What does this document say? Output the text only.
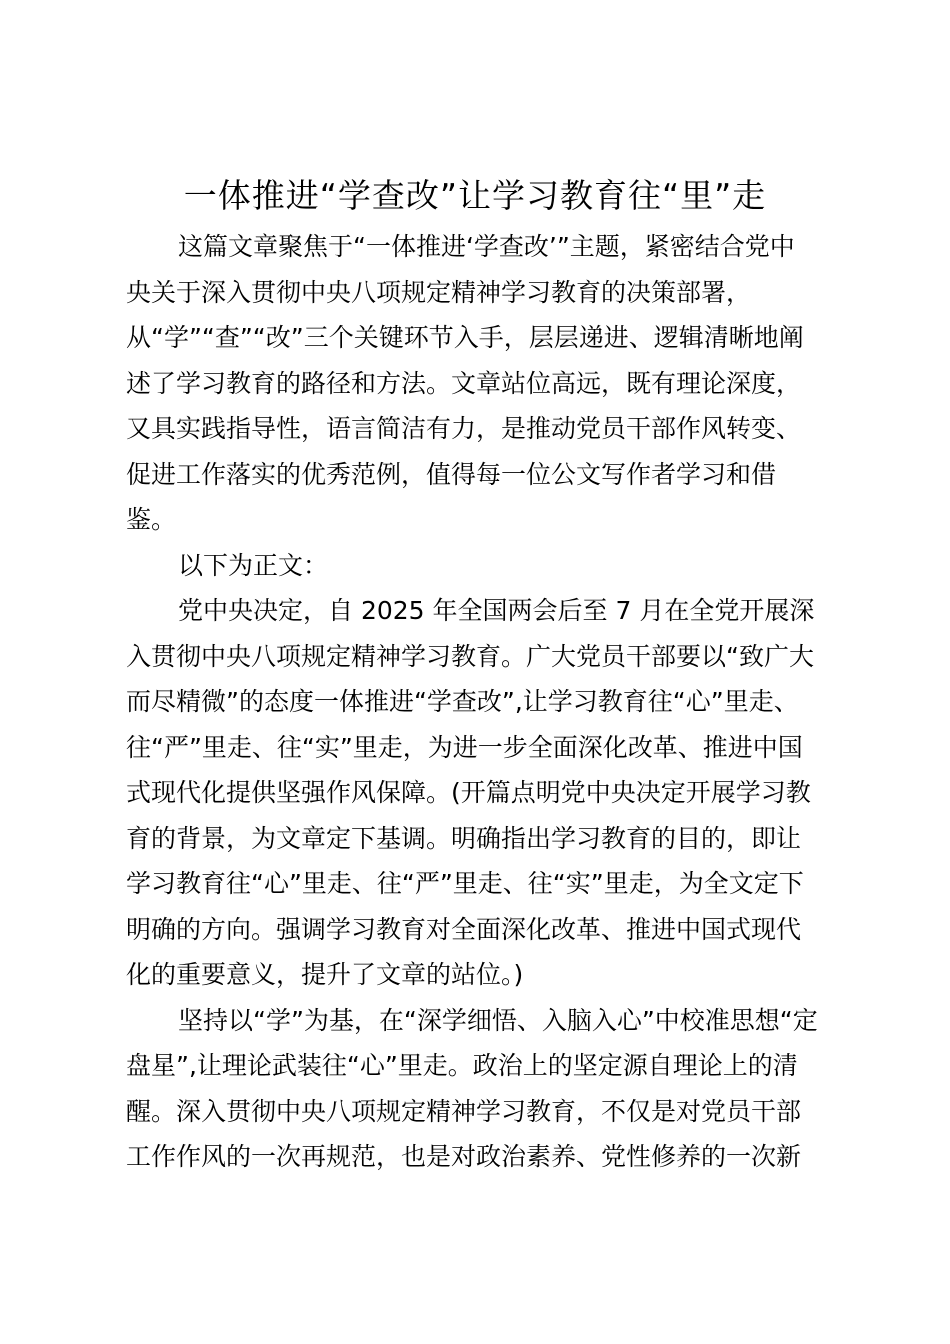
一体推进“学查改”让学习教育往“里”走
这篇文章聚焦于“一体推进‘学查改’”主题，紧密结合党中
央关于深入贯彻中央八项规定精神学习教育的决策部署，
从“学”“查”“改”三个关键环节入手，层层递进、逻辑清晰地阐
述了学习教育的路径和方法。文章站位高远，既有理论深度，
又具实践指导性，语言简洁有力，是推动党员干部作风转变、
促进工作落实的优秀范例，值得每一位公文写作者学习和借
鉴。
以下为正文：
党中央决定，自 2025 年全国两会后至 7 月在全党开展深
入贯彻中央八项规定精神学习教育。广大党员干部要以“致广大
而尽精微”的态度一体推进“学查改”,让学习教育往“心”里走、
往“严”里走、往“实”里走，为进一步全面深化改革、推进中国
式现代化提供坚强作风保障。(开篇点明党中央决定开展学习教
育的背景，为文章定下基调。明确指出学习教育的目的，即让
学习教育往“心”里走、往“严”里走、往“实”里走，为全文定下
明确的方向。强调学习教育对全面深化改革、推进中国式现代
化的重要意义，提升了文章的站位。)
坚持以“学”为基，在“深学细悟、入脑入心”中校准思想“定
盘星”,让理论武装往“心”里走。政治上的坚定源自理论上的清
醒。深入贯彻中央八项规定精神学习教育，不仅是对党员干部
工作作风的一次再规范，也是对政治素养、党性修养的一次新
